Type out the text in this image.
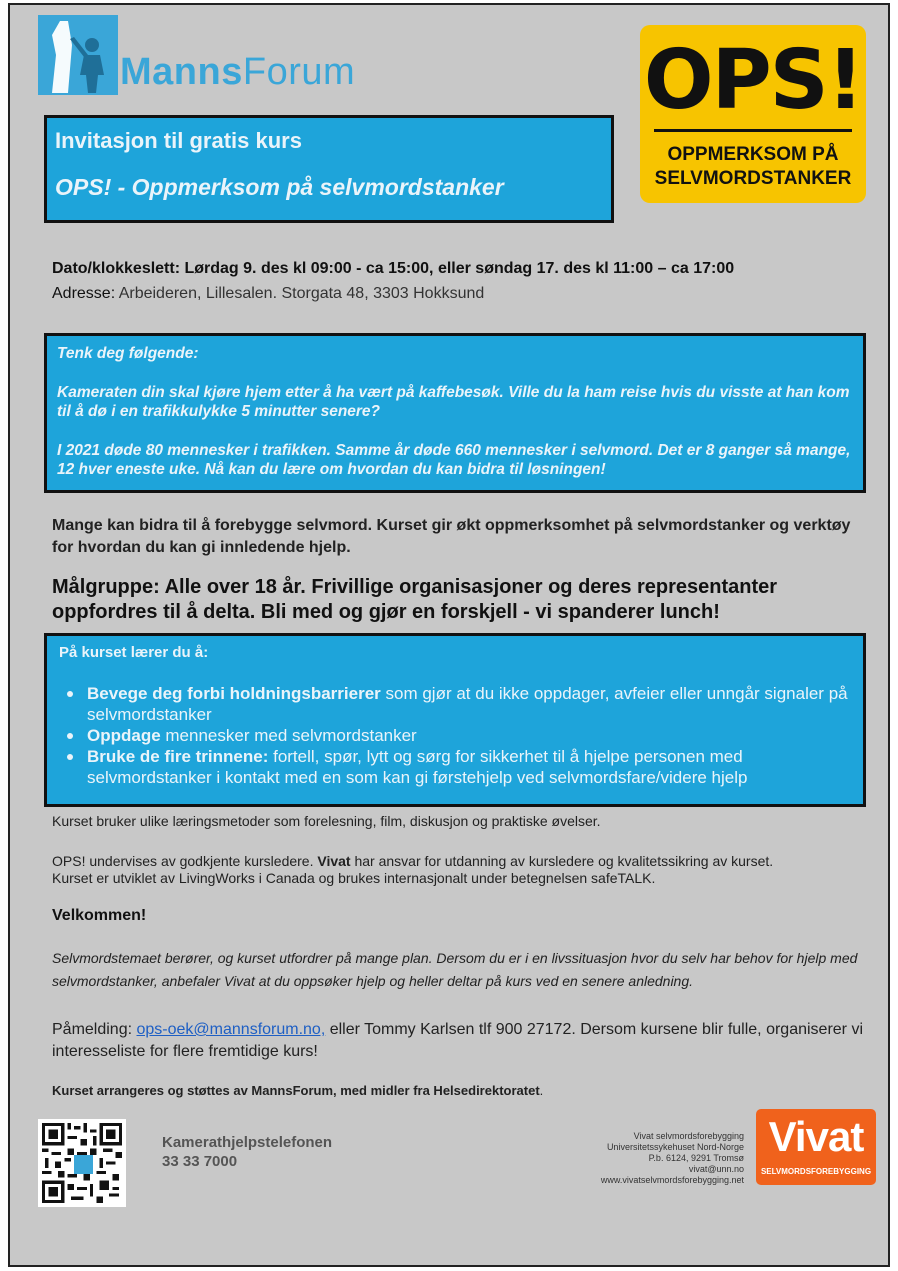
MannsForum	OPS!
OPPMERKSOM PÅ
SELVMORDSTANKER
Invitasjon til gratis kurs
OPS! - Oppmerksom på selvmordstanker
Dato/klokkeslett: Lørdag 9. des kl 09:00 - ca 15:00, eller søndag 17. des kl 11:00 – ca 17:00
Adresse: Arbeideren, Lillesalen. Storgata 48, 3303 Hokksund

Tenk deg følgende:

Kameraten din skal kjøre hjem etter å ha vært på kaffebesøk. Ville du la ham reise hvis du visste at han kom til å dø i en trafikkulykke 5 minutter senere?

I 2021 døde 80 mennesker i trafikken. Samme år døde 660 mennesker i selvmord. Det er 8 ganger så mange, 12 hver eneste uke. Nå kan du lære om hvordan du kan bidra til løsningen!

Mange kan bidra til å forebygge selvmord. Kurset gir økt oppmerksomhet på selvmordstanker og verktøy for hvordan du kan gi innledende hjelp.
Målgruppe: Alle over 18 år. Frivillige organisasjoner og deres representanter oppfordres til å delta. Bli med og gjør en forskjell - vi spanderer lunch!
På kurset lærer du å:
Bevege deg forbi holdningsbarrierer som gjør at du ikke oppdager, avfeier eller unngår signaler på selvmordstanker
Oppdage mennesker med selvmordstanker
Bruke de fire trinnene: fortell, spør, lytt og sørg for sikkerhet til å hjelpe personen med selvmordstanker i kontakt med en som kan gi førstehjelp ved selvmordsfare/videre hjelp
Kurset bruker ulike læringsmetoder som forelesning, film, diskusjon og praktiske øvelser.
OPS! undervises av godkjente kursledere. Vivat har ansvar for utdanning av kursledere og kvalitetssikring av kurset.
Kurset er utviklet av LivingWorks i Canada og brukes internasjonalt under betegnelsen safeTALK.
Velkommen!
Selvmordstemaet berører, og kurset utfordrer på mange plan. Dersom du er i en livssituasjon hvor du selv har behov for hjelp med selvmordstanker, anbefaler Vivat at du oppsøker hjelp og heller deltar på kurs ved en senere anledning.
Påmelding: ops-oek@mannsforum.no, eller Tommy Karlsen tlf 900 27172. Dersom kursene blir fulle, organiserer vi interesseliste for flere fremtidige kurs!
Kurset arrangeres og støttes av MannsForum, med midler fra Helsedirektoratet.
Kamerathjelpstelefonen
33 33 7000
Vivat selvmordsforebygging
Universitetssykehuset Nord-Norge
P.b. 6124, 9291 Tromsø
vivat@unn.no
www.vivatselvmordsforebygging.net
Vivat
SELVMORDSFOREBYGGING
